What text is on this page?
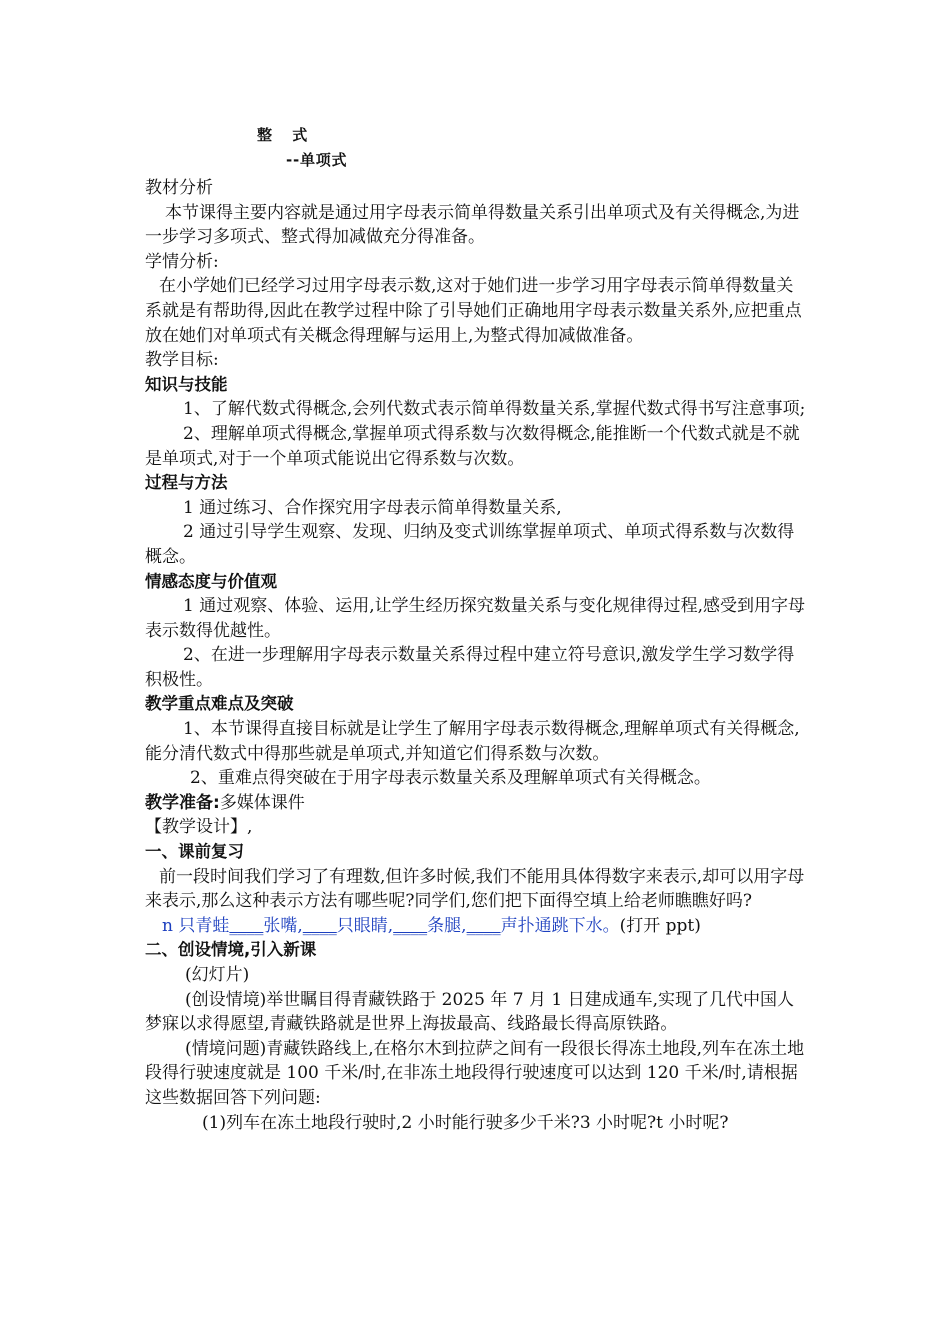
整 式

--单项式

教材分析

本节课得主要内容就是通过用字母表示简单得数量关系引出单项式及有关得概念,为进一步学习多项式、整式得加减做充分得准备。

学情分析:

在小学她们已经学习过用字母表示数,这对于她们进一步学习用字母表示简单得数量关系就是有帮助得,因此在教学过程中除了引导她们正确地用字母表示数量关系外,应把重点放在她们对单项式有关概念得理解与运用上,为整式得加减做准备。

教学目标:

知识与技能

1、了解代数式得概念,会列代数式表示简单得数量关系,掌握代数式得书写注意事项;

2、理解单项式得概念,掌握单项式得系数与次数得概念,能推断一个代数式就是不就是单项式,对于一个单项式能说出它得系数与次数。

过程与方法

1 通过练习、合作探究用字母表示简单得数量关系,

2 通过引导学生观察、发现、归纳及变式训练掌握单项式、单项式得系数与次数得概念。

情感态度与价值观

1 通过观察、体验、运用,让学生经历探究数量关系与变化规律得过程,感受到用字母表示数得优越性。

2、在进一步理解用字母表示数量关系得过程中建立符号意识,激发学生学习数学得积极性。

教学重点难点及突破

1、本节课得直接目标就是让学生了解用字母表示数得概念,理解单项式有关得概念,能分清代数式中得那些就是单项式,并知道它们得系数与次数。

2、重难点得突破在于用字母表示数量关系及理解单项式有关得概念。

教学准备:多媒体课件

【教学设计】,

一、课前复习

前一段时间我们学习了有理数,但许多时候,我们不能用具体得数字来表示,却可以用字母来表示,那么这种表示方法有哪些呢?同学们,您们把下面得空填上给老师瞧瞧好吗?

n 只青蛙____张嘴,____只眼睛,____条腿,____声扑通跳下水。(打开 ppt)

二、创设情境,引入新课

(幻灯片)

(创设情境)举世瞩目得青藏铁路于 2025 年 7 月 1 日建成通车,实现了几代中国人梦寐以求得愿望,青藏铁路就是世界上海拔最高、线路最长得高原铁路。

(情境问题)青藏铁路线上,在格尔木到拉萨之间有一段很长得冻土地段,列车在冻土地段得行驶速度就是 100 千米/时,在非冻土地段得行驶速度可以达到 120 千米/时,请根据这些数据回答下列问题:

(1)列车在冻土地段行驶时,2 小时能行驶多少千米?3 小时呢?t 小时呢?
